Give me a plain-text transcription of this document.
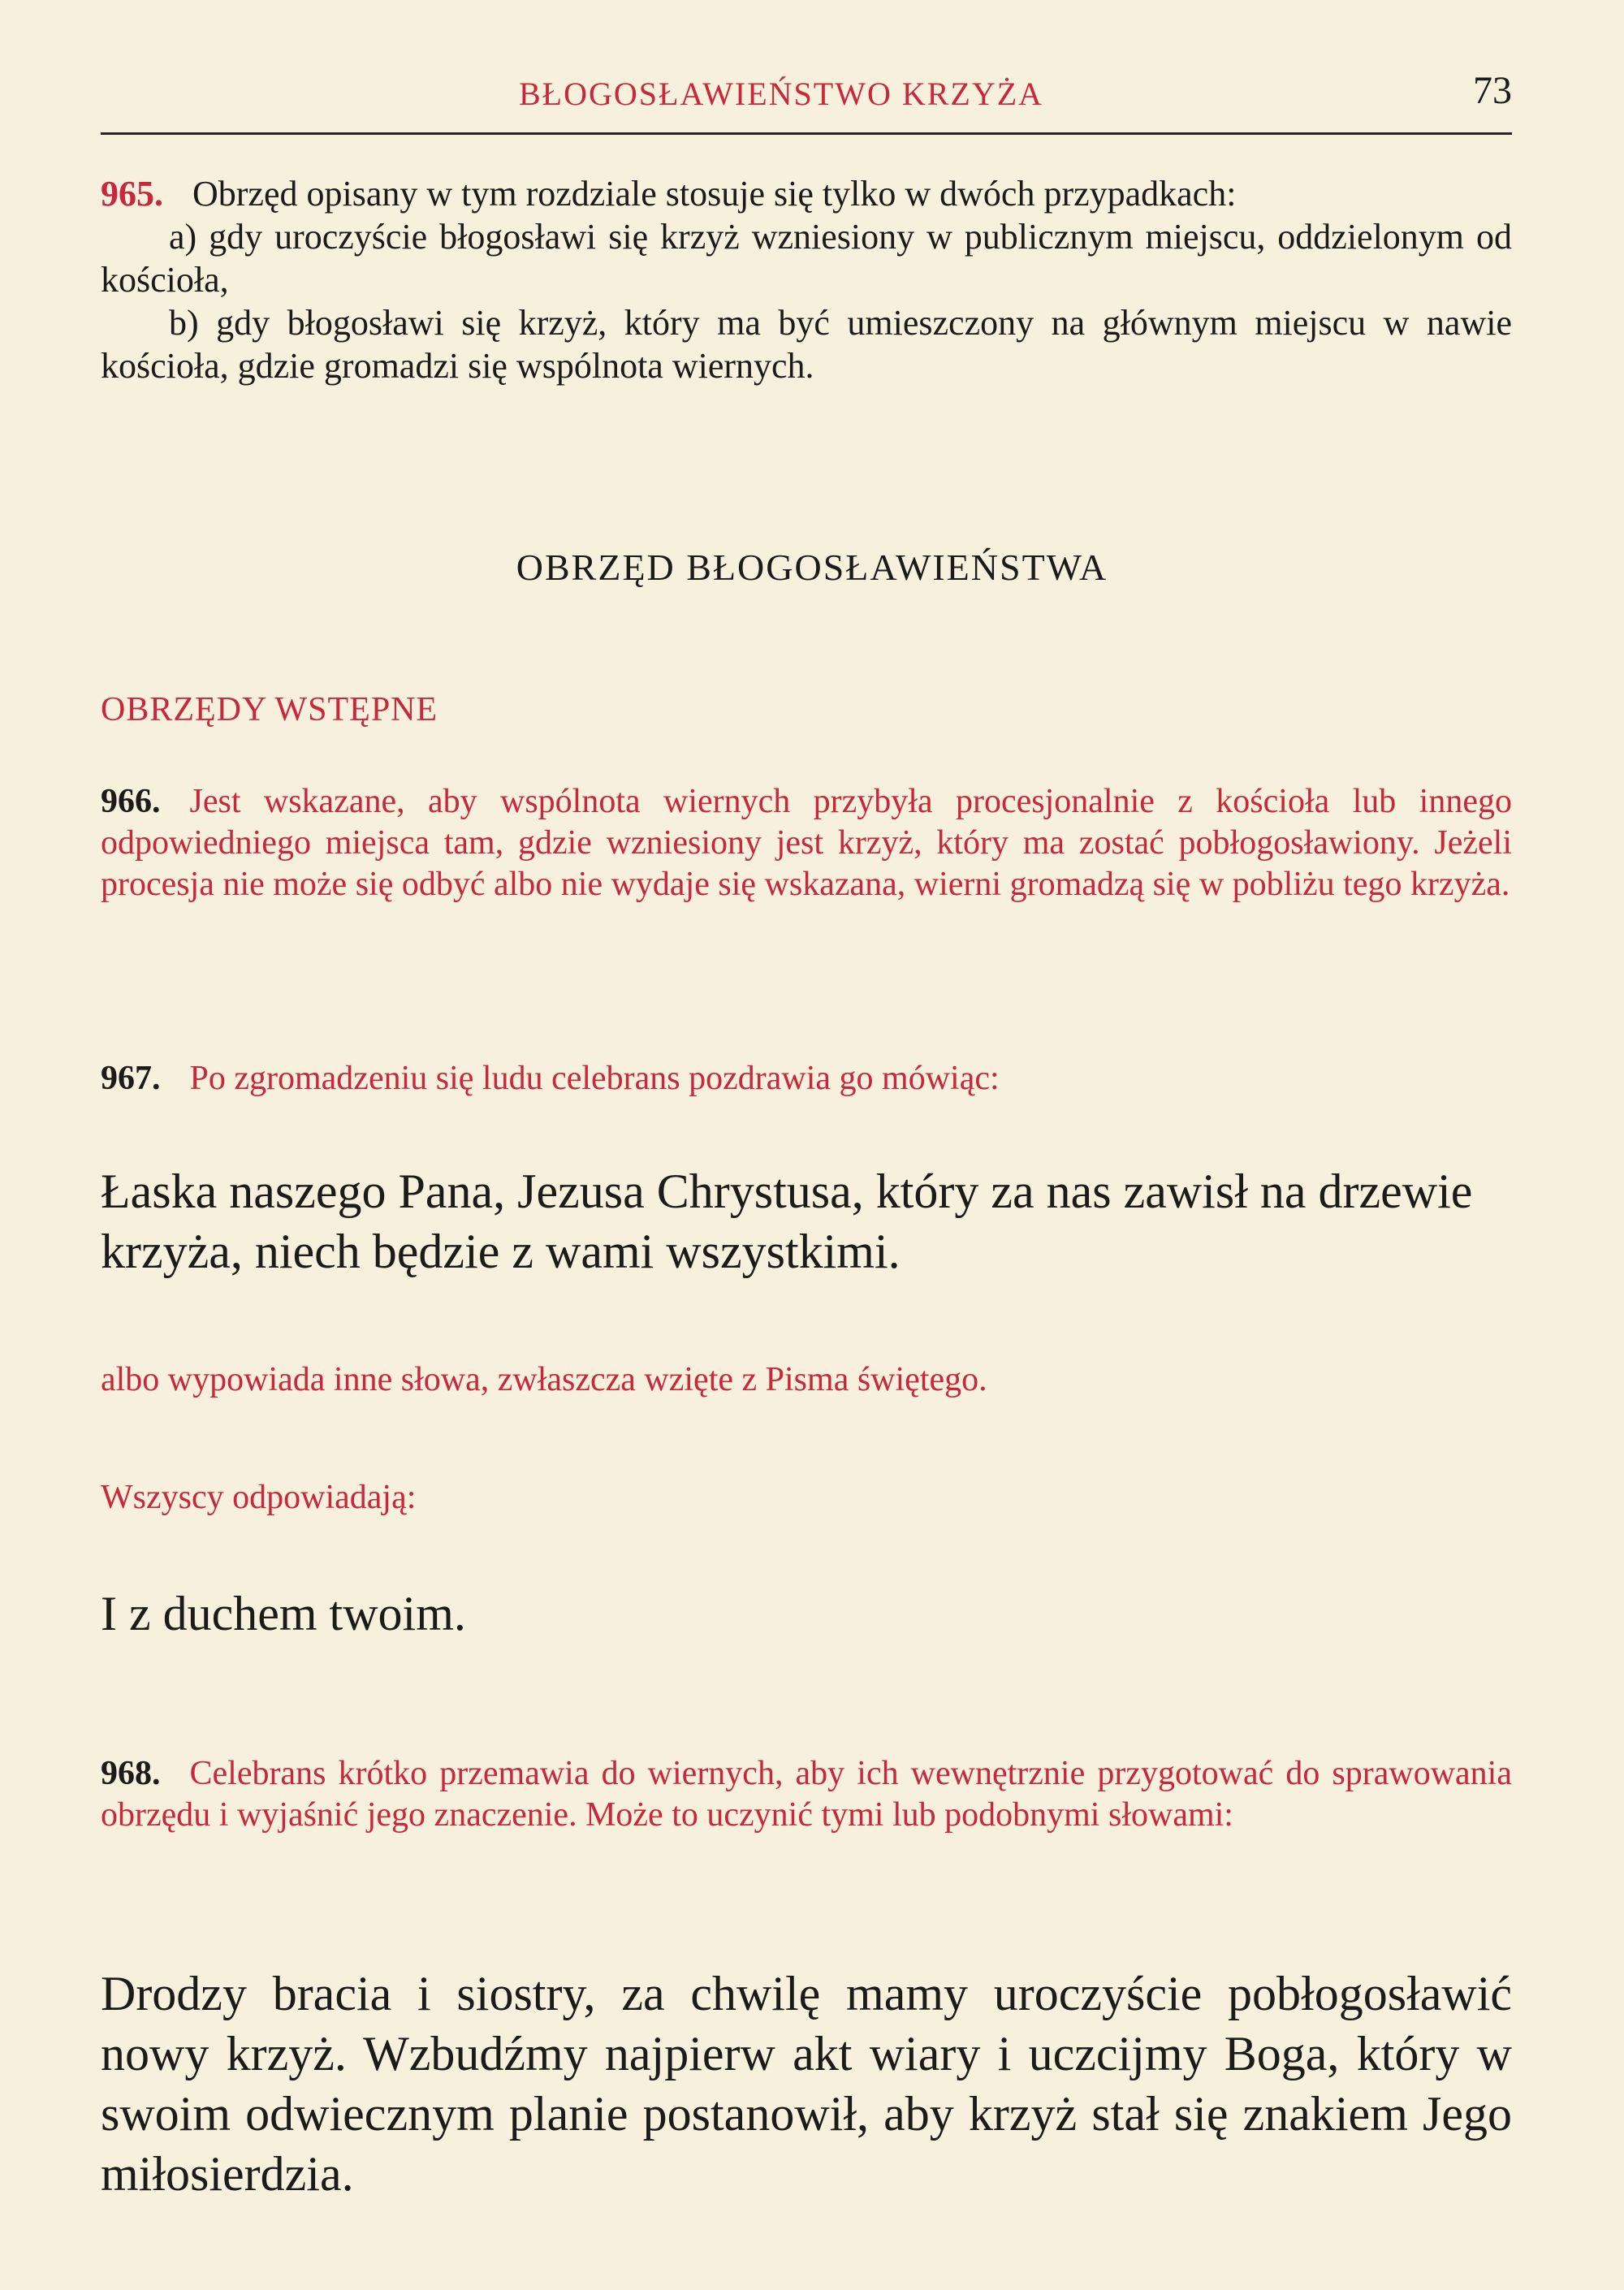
BŁOGOSŁAWIEŃSTWO KRZYŻA	73
965. Obrzęd opisany w tym rozdziale stosuje się tylko w dwóch przypadkach:
a) gdy uroczyście błogosławi się krzyż wzniesiony w publicznym miejscu, oddzielonym od kościoła,
b) gdy błogosławi się krzyż, który ma być umieszczony na głównym miejscu w nawie kościoła, gdzie gromadzi się wspólnota wiernych.
OBRZĘD BŁOGOSŁAWIEŃSTWA
OBRZĘDY WSTĘPNE
966. Jest wskazane, aby wspólnota wiernych przybyła procesjonalnie z kościoła lub innego odpowiedniego miejsca tam, gdzie wzniesiony jest krzyż, który ma zostać pobłogosławiony. Jeżeli procesja nie może się odbyć albo nie wydaje się wskazana, wierni gromadzą się w pobliżu tego krzyża.
967. Po zgromadzeniu się ludu celebrans pozdrawia go mówiąc:
Łaska naszego Pana, Jezusa Chrystusa, który za nas zawisł na drzewie krzyża, niech będzie z wami wszystkimi.
albo wypowiada inne słowa, zwłaszcza wzięte z Pisma świętego.
Wszyscy odpowiadają:
I z duchem twoim.
968. Celebrans krótko przemawia do wiernych, aby ich wewnętrznie przygotować do sprawowania obrzędu i wyjaśnić jego znaczenie. Może to uczynić tymi lub podobnymi słowami:
Drodzy bracia i siostry, za chwilę mamy uroczyście pobłogosławić nowy krzyż. Wzbudźmy najpierw akt wiary i uczcijmy Boga, który w swoim odwiecznym planie postanowił, aby krzyż stał się znakiem Jego miłosierdzia.
